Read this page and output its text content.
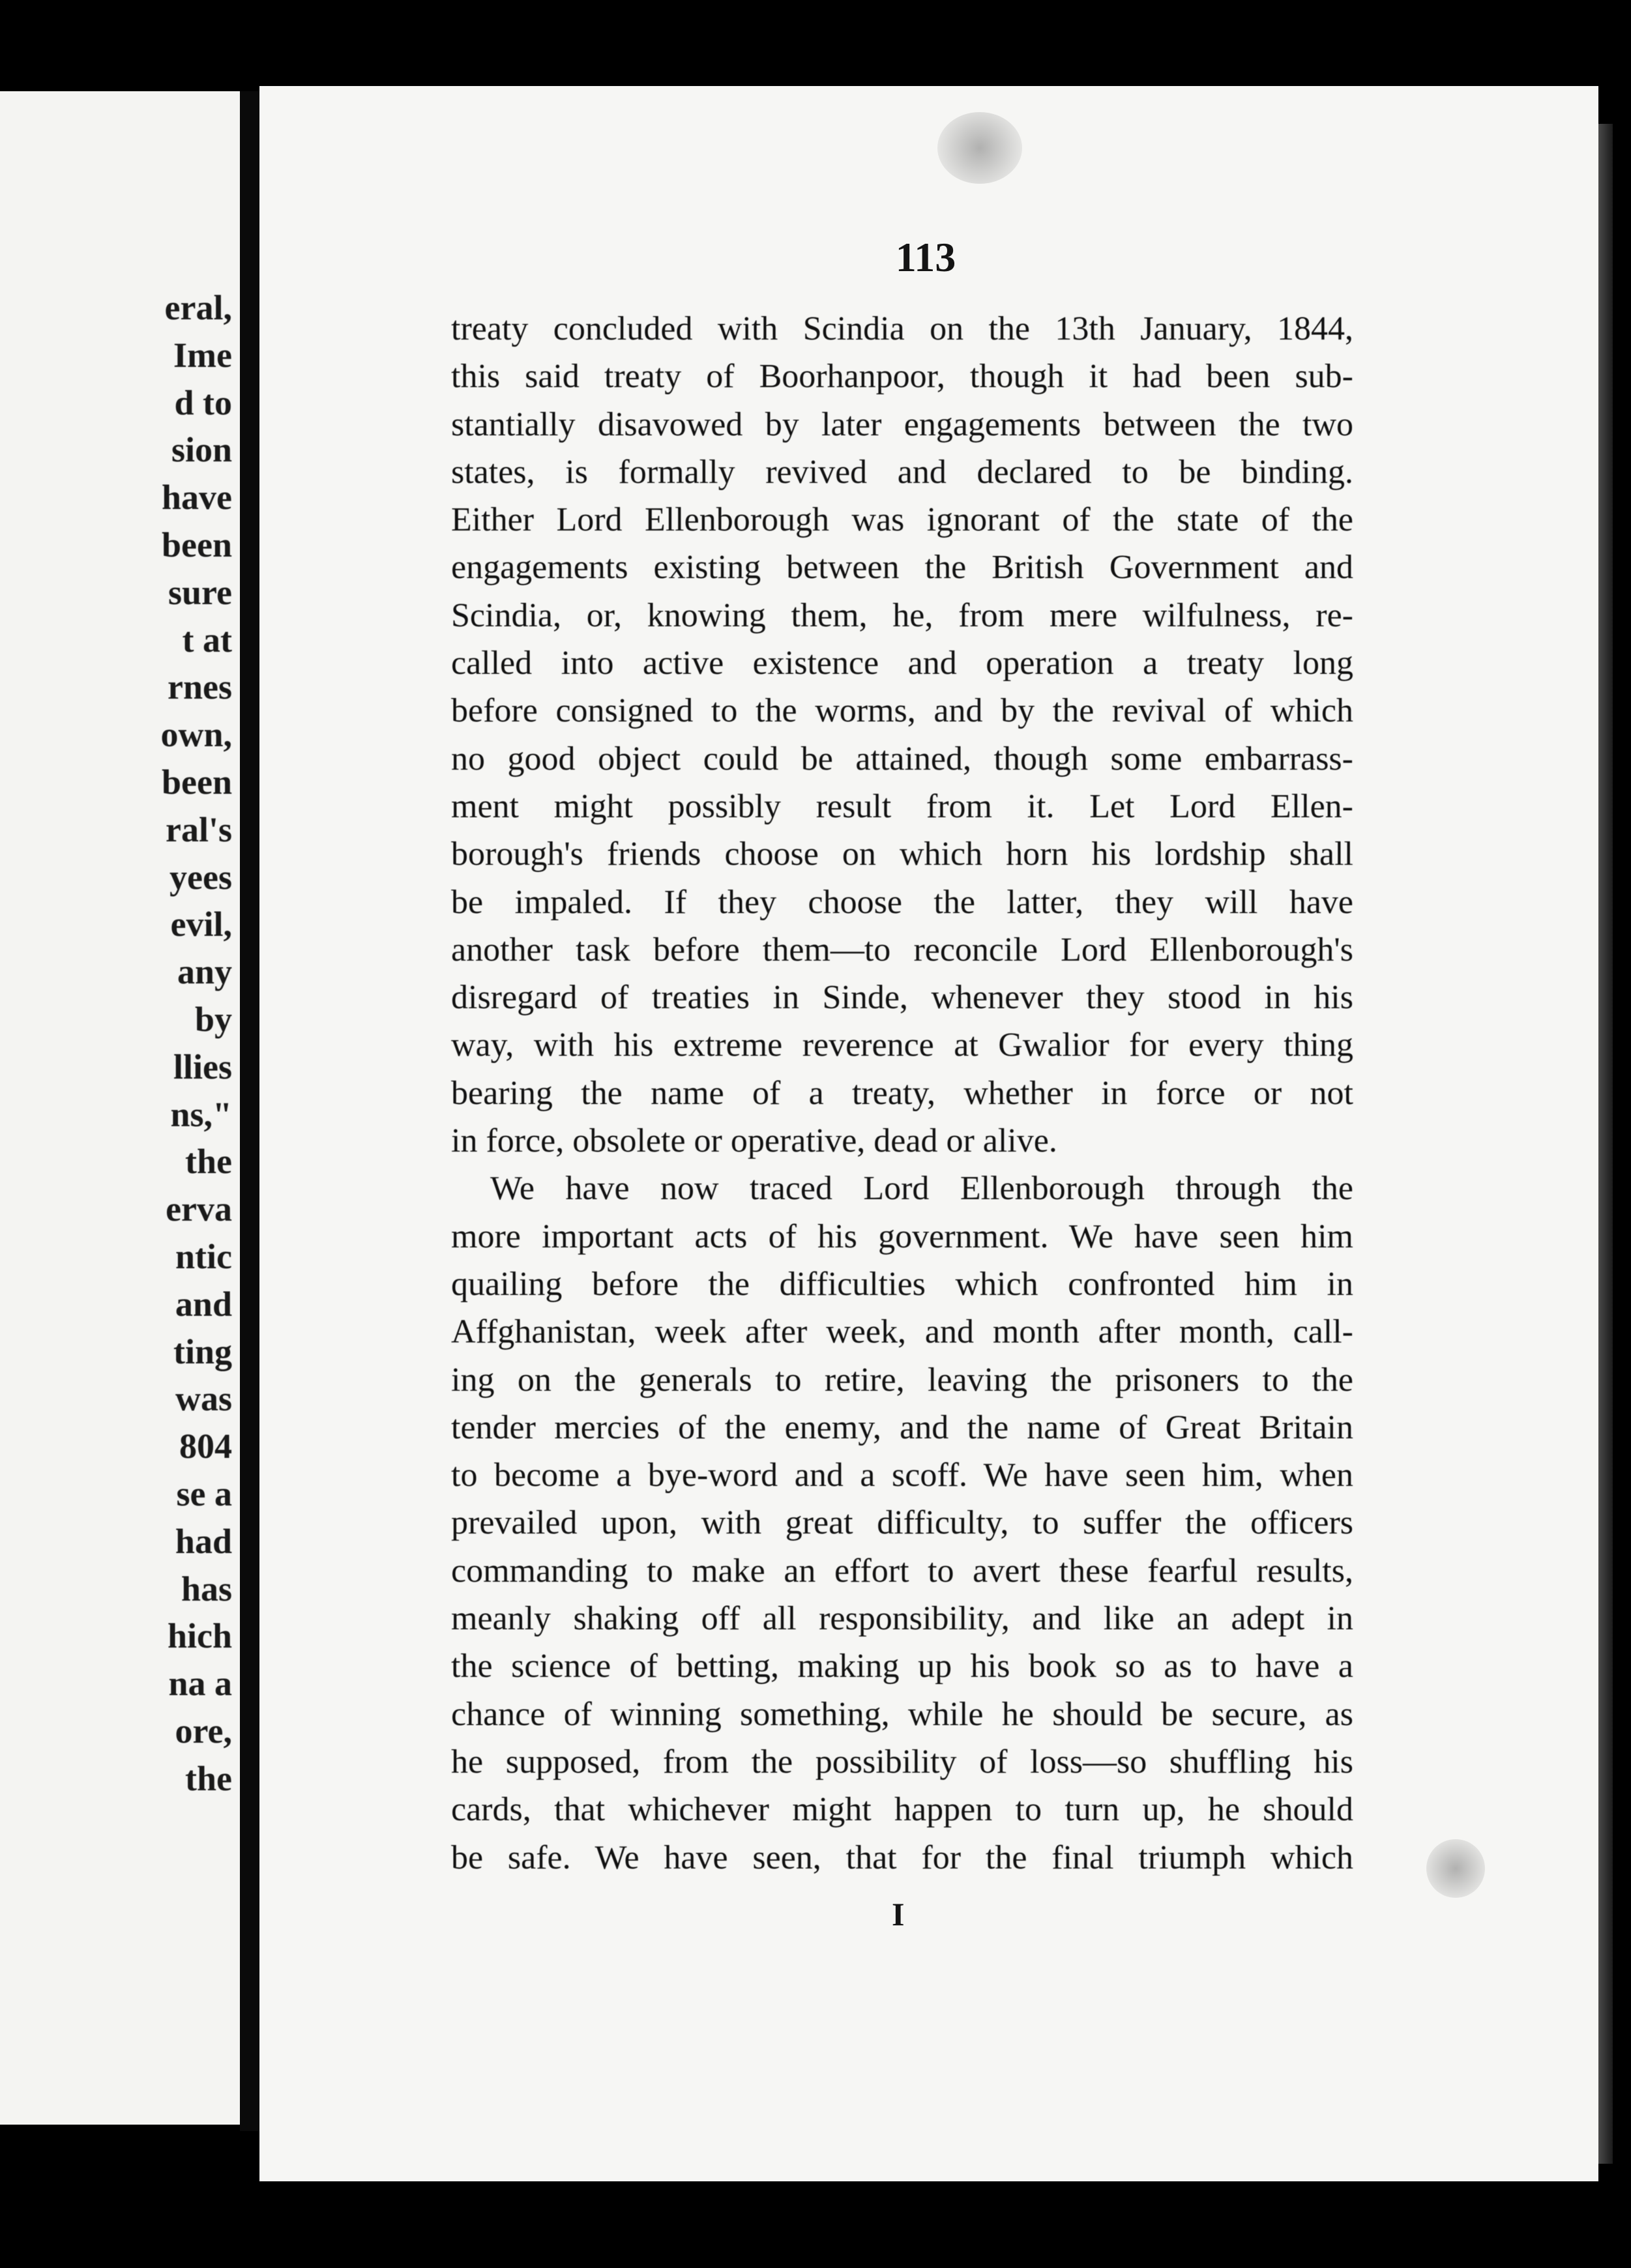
eral,
Ime
d to
sion
have
been
sure
t at
rnes
own,
been
ral's
yees
evil,
any
by
llies
ns,"
the
erva
ntic
and
ting
was
804
se a
had
has
hich
na a
ore,
the
113
treaty concluded with Scindia on the 13th January, 1844,
this said treaty of Boorhanpoor, though it had been sub-
stantially disavowed by later engagements between the two
states, is formally revived and declared to be binding.
Either Lord Ellenborough was ignorant of the state of the
engagements existing between the British Government and
Scindia, or, knowing them, he, from mere wilfulness, re-
called into active existence and operation a treaty long
before consigned to the worms, and by the revival of which
no good object could be attained, though some embarrass-
ment might possibly result from it. Let Lord Ellen-
borough's friends choose on which horn his lordship shall
be impaled. If they choose the latter, they will have
another task before them—to reconcile Lord Ellenborough's
disregard of treaties in Sinde, whenever they stood in his
way, with his extreme reverence at Gwalior for every thing
bearing the name of a treaty, whether in force or not
in force, obsolete or operative, dead or alive.
We have now traced Lord Ellenborough through the
more important acts of his government. We have seen him
quailing before the difficulties which confronted him in
Affghanistan, week after week, and month after month, call-
ing on the generals to retire, leaving the prisoners to the
tender mercies of the enemy, and the name of Great Britain
to become a bye-word and a scoff. We have seen him, when
prevailed upon, with great difficulty, to suffer the officers
commanding to make an effort to avert these fearful results,
meanly shaking off all responsibility, and like an adept in
the science of betting, making up his book so as to have a
chance of winning something, while he should be secure, as
he supposed, from the possibility of loss—so shuffling his
cards, that whichever might happen to turn up, he should
be safe. We have seen, that for the final triumph which
I
